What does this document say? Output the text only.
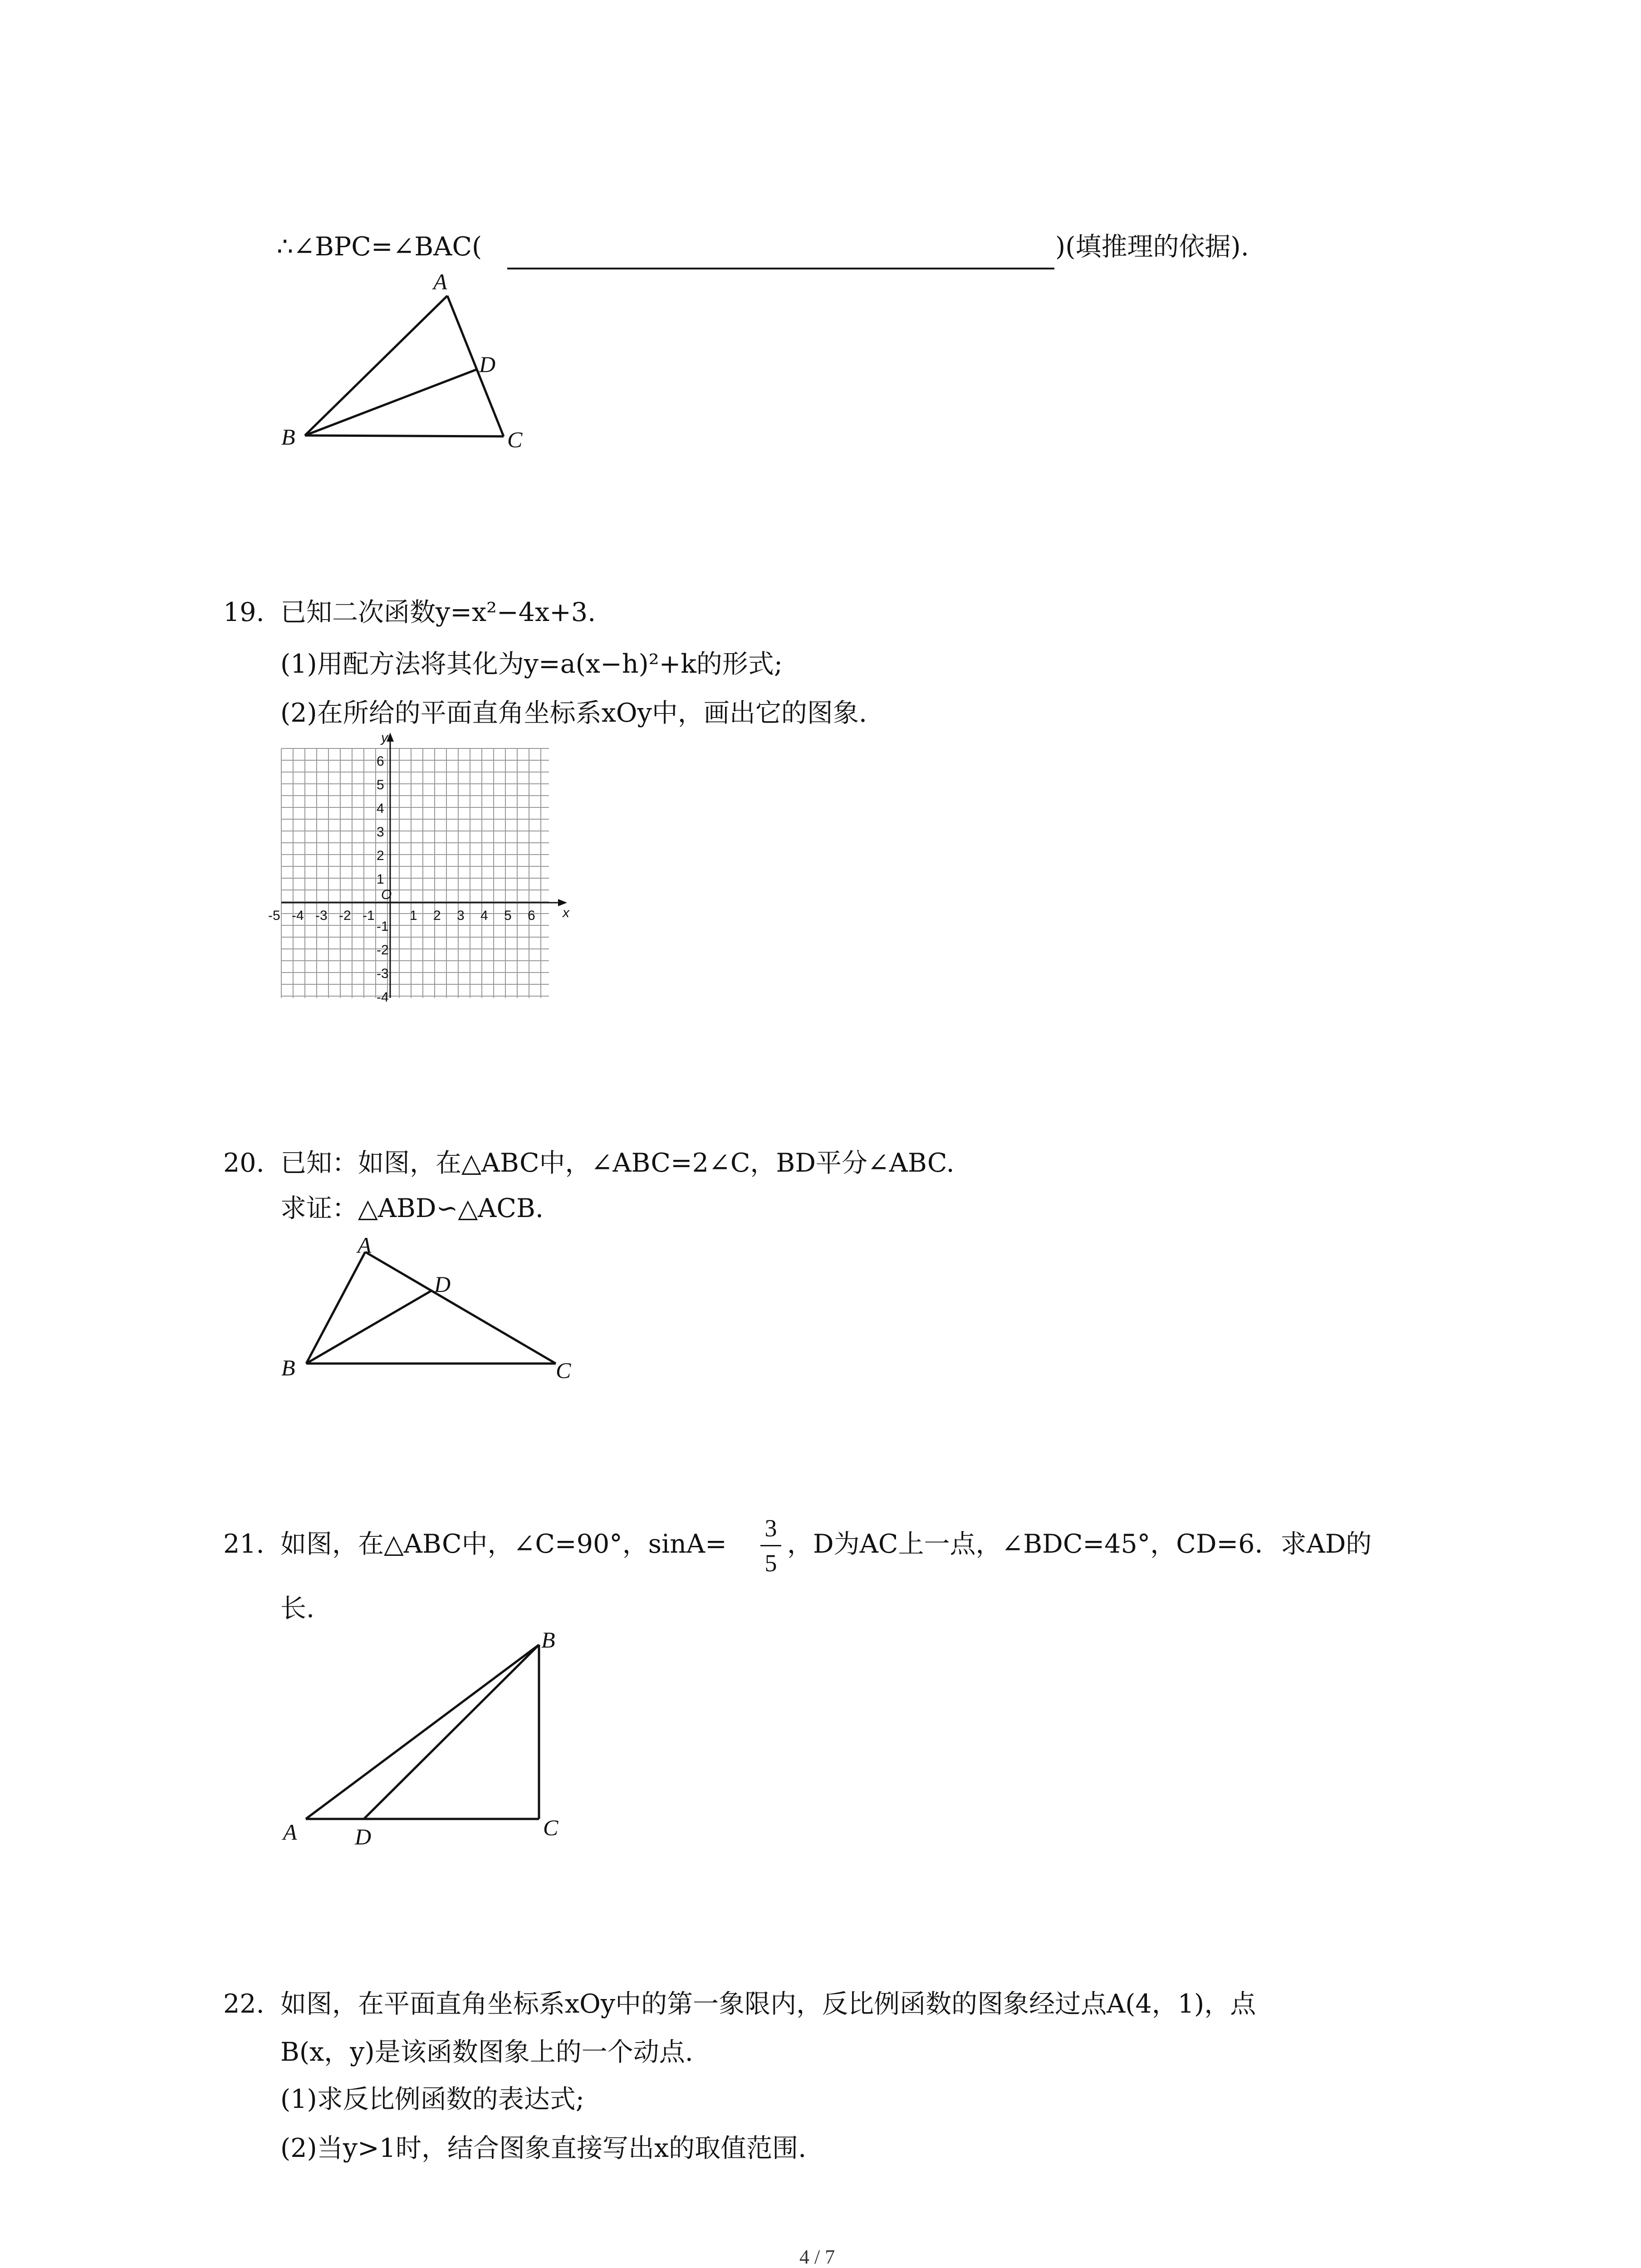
∴∠BPC=∠BAC(	)(填推理的依据).
A
B	C
D
19. 已知二次函数y=x²−4x+3.
(1)用配方法将其化为y=a(x−h)²+k的形式;
(2)在所给的平面直角坐标系xOy中，画出它的图象.
-5 -4 -3 -2 -1	1 2 3 4 5 6
6
5
4
3
2
1
-1
-2
-3
-4
x
y
O
20. 已知：如图，在△ABC中，∠ABC=2∠C，BD平分∠ABC.
求证：△ABD∽△ACB.
A
B	C
D
21. 如图，在△ABC中，∠C=90°，sinA=
3
5
，D为AC上一点，∠BDC=45°，CD=6．求AD的
长.
A
B
C
D
22. 如图，在平面直角坐标系xOy中的第一象限内，反比例函数的图象经过点A(4，1)，点
B(x，y)是该函数图象上的一个动点.
(1)求反比例函数的表达式;
(2)当y>1时，结合图象直接写出x的取值范围.
4 / 7
